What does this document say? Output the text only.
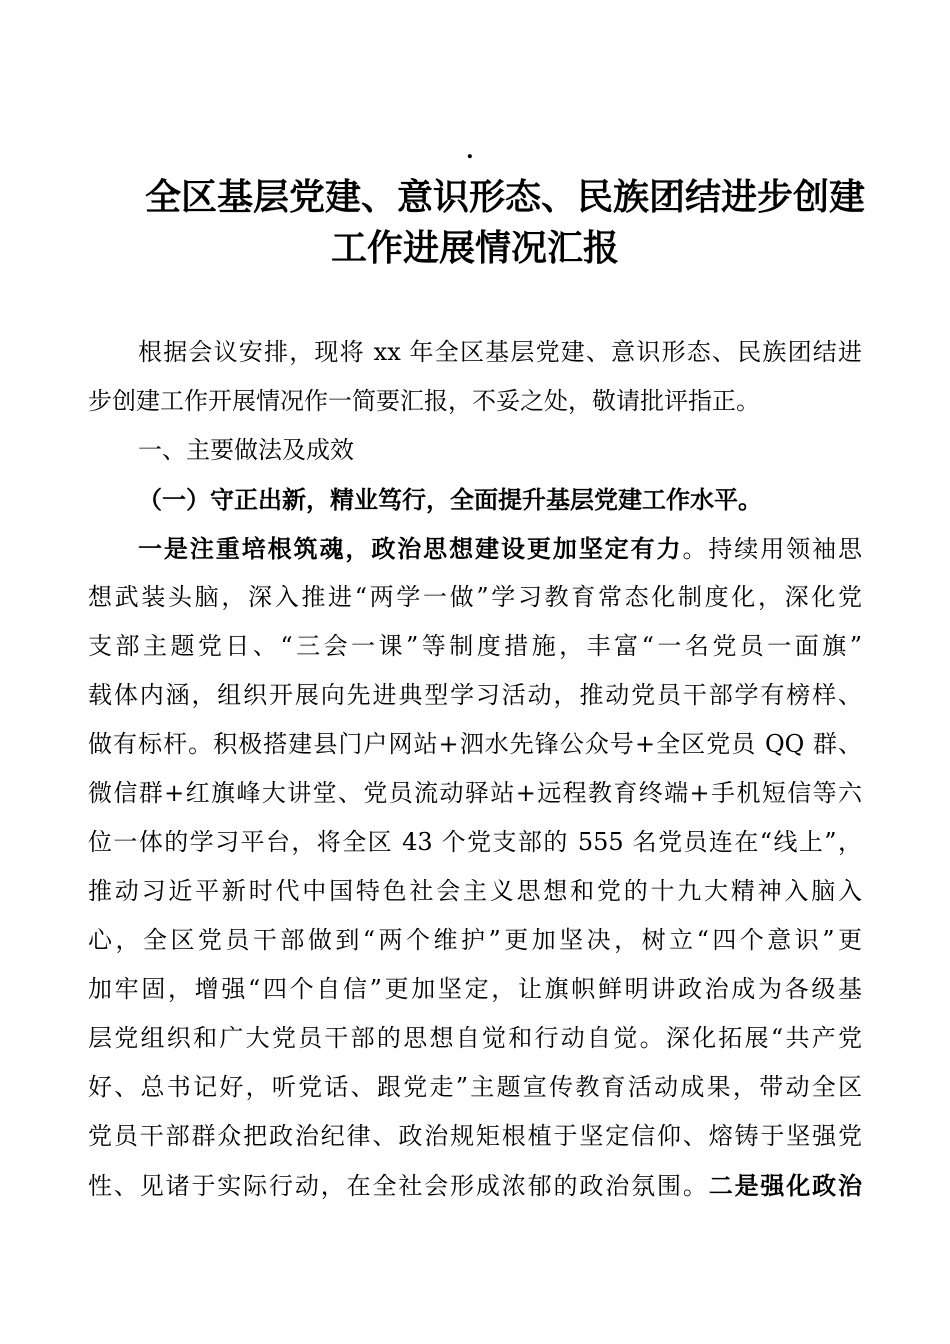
.
全区基层党建、意识形态、民族团结进步创建
工作进展情况汇报
根据会议安排，现将 xx 年全区基层党建、意识形态、民族团结进
步创建工作开展情况作一简要汇报，不妥之处，敬请批评指正。
一、主要做法及成效
（一）守正出新，精业笃行，全面提升基层党建工作水平。
一是注重培根筑魂，政治思想建设更加坚定有力。持续用领袖思
想武装头脑，深入推进“两学一做”学习教育常态化制度化，深化党
支部主题党日、“三会一课”等制度措施，丰富“一名党员一面旗”
载体内涵，组织开展向先进典型学习活动，推动党员干部学有榜样、
做有标杆。积极搭建县门户网站+泗水先锋公众号+全区党员 QQ 群、
微信群+红旗峰大讲堂、党员流动驿站+远程教育终端+手机短信等六
位一体的学习平台，将全区 43 个党支部的 555 名党员连在“线上”，
推动习近平新时代中国特色社会主义思想和党的十九大精神入脑入
心，全区党员干部做到“两个维护”更加坚决，树立“四个意识”更
加牢固，增强“四个自信”更加坚定，让旗帜鲜明讲政治成为各级基
层党组织和广大党员干部的思想自觉和行动自觉。深化拓展“共产党
好、总书记好，听党话、跟党走”主题宣传教育活动成果，带动全区
党员干部群众把政治纪律、政治规矩根植于坚定信仰、熔铸于坚强党
性、见诸于实际行动，在全社会形成浓郁的政治氛围。二是强化政治
